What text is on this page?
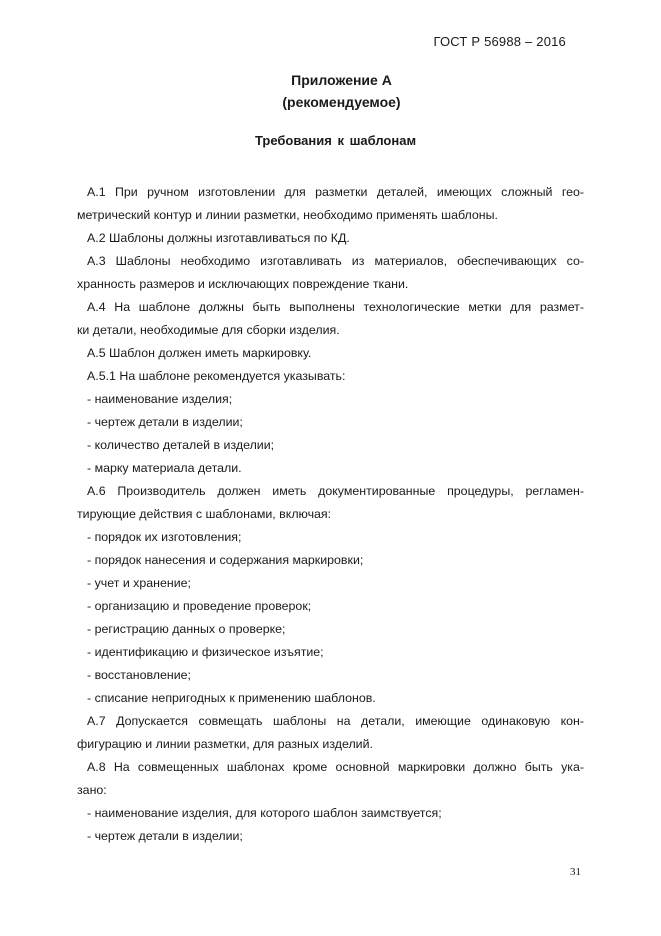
ГОСТ Р 56988 – 2016
Приложение А
(рекомендуемое)
Требования к шаблонам

А.1 При ручном изготовлении для разметки деталей, имеющих сложный гео-

метрический контур и линии разметки, необходимо применять шаблоны.

А.2 Шаблоны должны изготавливаться по КД.

А.3 Шаблоны необходимо изготавливать из материалов, обеспечивающих со-

хранность размеров и исключающих повреждение ткани.

А.4 На шаблоне должны быть выполнены технологические метки для размет-

ки детали, необходимые для сборки изделия.

А.5 Шаблон должен иметь маркировку.

А.5.1 На шаблоне рекомендуется указывать:

- наименование изделия;

- чертеж детали в изделии;

- количество деталей в изделии;

- марку материала детали.

А.6 Производитель должен иметь документированные процедуры, регламен-

тирующие действия с шаблонами, включая:

- порядок их изготовления;

- порядок нанесения и содержания маркировки;

- учет и хранение;

- организацию и проведение проверок;

- регистрацию данных о проверке;

- идентификацию и физическое изъятие;

- восстановление;

- списание непригодных к применению шаблонов.

А.7 Допускается совмещать шаблоны на детали, имеющие одинаковую кон-

фигурацию и линии разметки, для разных изделий.

А.8 На совмещенных шаблонах кроме основной маркировки должно быть ука-

зано:

- наименование изделия, для которого шаблон заимствуется;

- чертеж детали в изделии;

31
